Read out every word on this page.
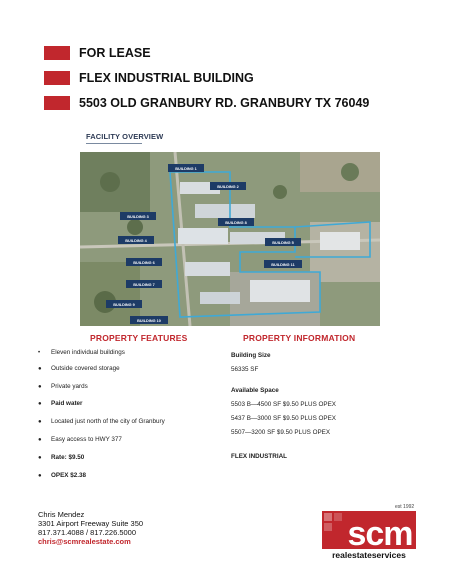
FOR LEASE
FLEX INDUSTRIAL BUILDING
5503 OLD GRANBURY RD. GRANBURY TX 76049
FACILITY OVERVIEW
BUILDING 1
BUILDING 2
BUILDING 3
BUILDING 4	BUILDING 5
BUILDING 6
BUILDING 7
BUILDING 8
BUILDING 9
BUILDING 10
BUILDING 11
PROPERTY FEATURES	PROPERTY INFORMATION
•	Eleven individual buildings
●	Outside covered storage
●	Private yards
●	Paid water
●	Located just north of the city of Granbury
●	Easy access to HWY 377
●	Rate: $9.50
●	OPEX $2.38
Building Size
56335 SF
Available Space
5503 B—4500 SF $9.50 PLUS OPEX
5437 B—3000 SF $9.50 PLUS OPEX
5507—3200 SF $9.50 PLUS OPEX
FLEX INDUSTRIAL
Chris Mendez
3301 Airport Freeway Suite 350
817.371.4088 / 817.226.5000
chris@scmrealestate.com
est 1992
scm
realestateservices
